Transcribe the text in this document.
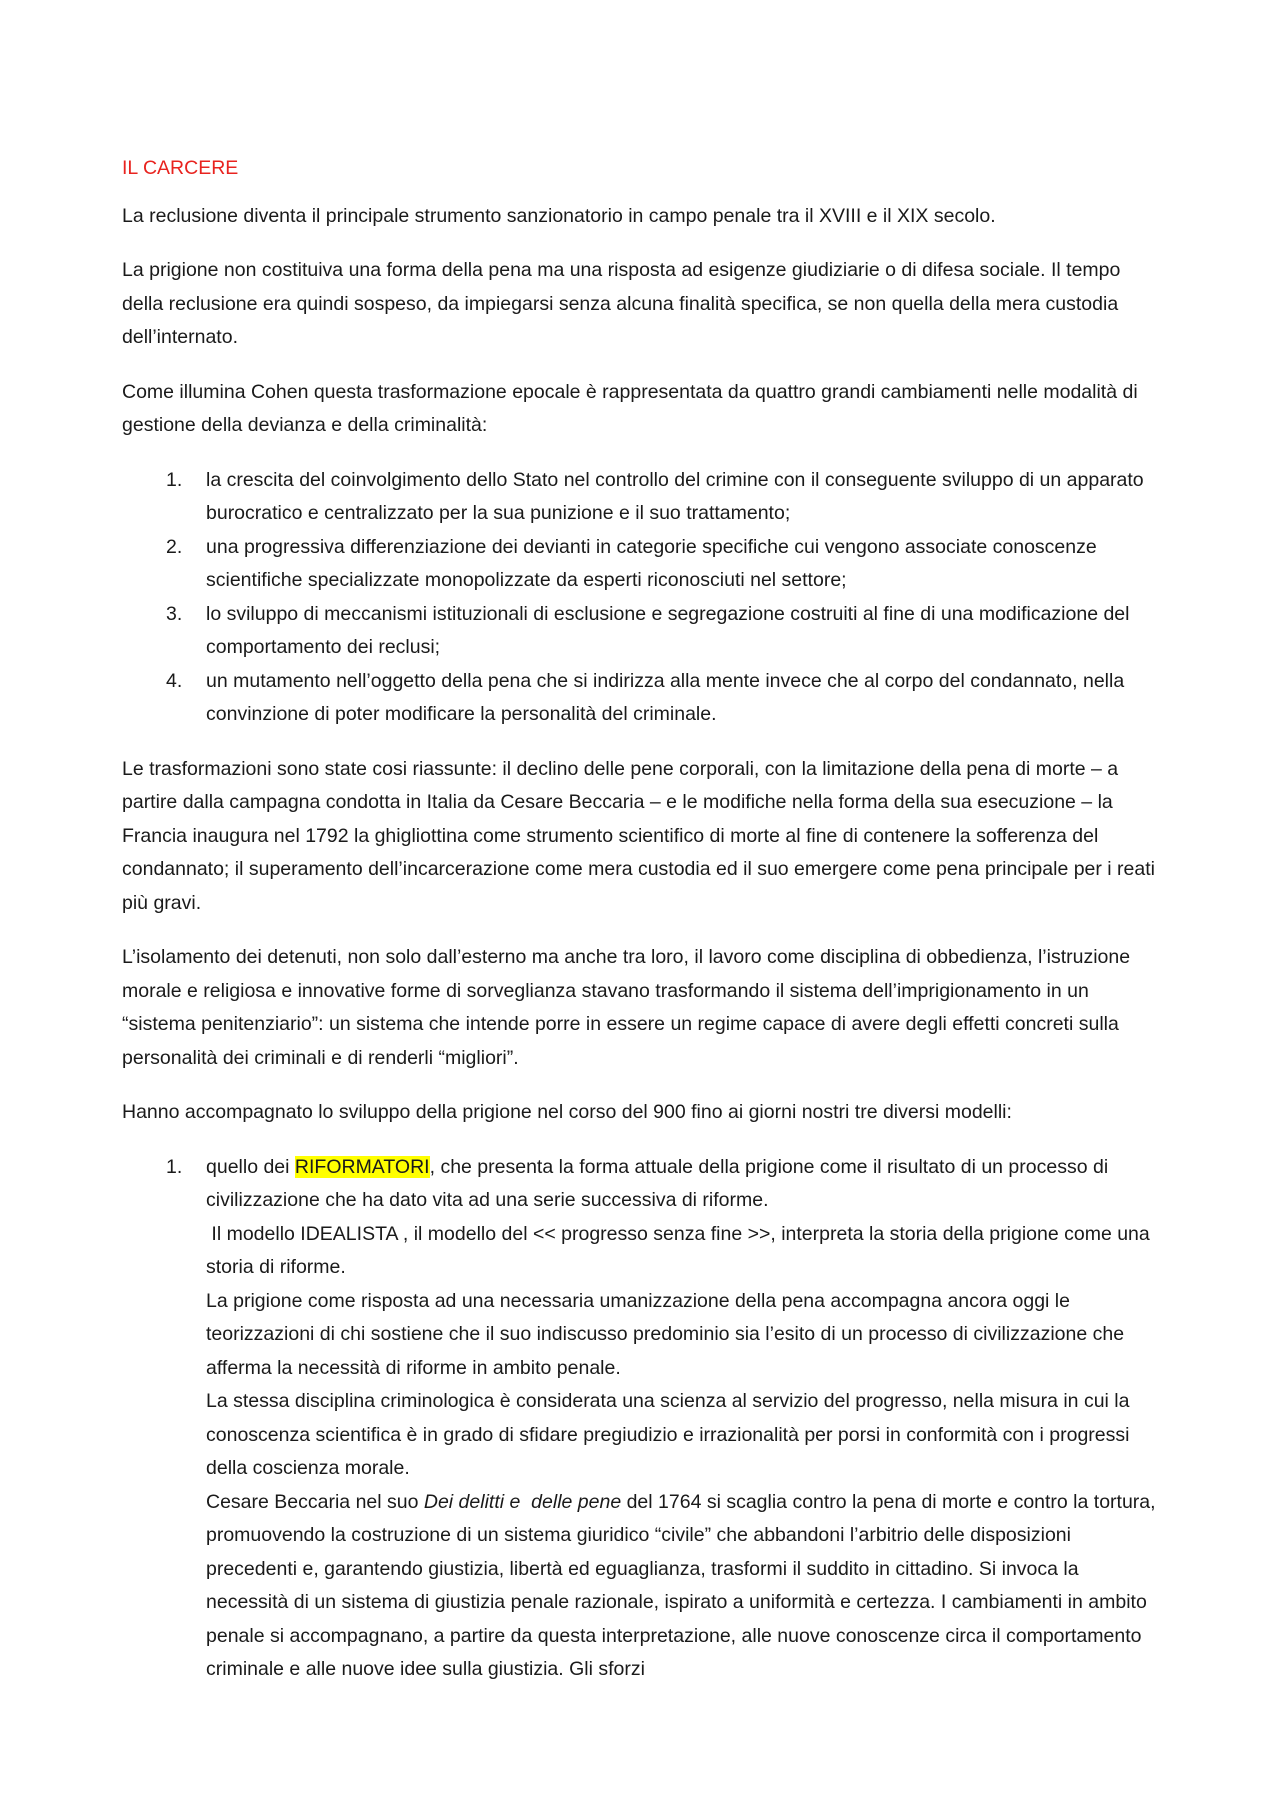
IL CARCERE

La reclusione diventa il principale strumento sanzionatorio in campo penale tra il XVIII e il XIX secolo.

La prigione non costituiva una forma della pena ma una risposta ad esigenze giudiziarie o di difesa sociale. Il tempo della reclusione era quindi sospeso, da impiegarsi senza alcuna finalità specifica, se non quella della mera custodia dell’internato.

Come illumina Cohen questa trasformazione epocale è rappresentata da quattro grandi cambiamenti nelle modalità di gestione della devianza e della criminalità:

1. la crescita del coinvolgimento dello Stato nel controllo del crimine con il conseguente sviluppo di un apparato burocratico e centralizzato per la sua punizione e il suo trattamento;
2. una progressiva differenziazione dei devianti in categorie specifiche cui vengono associate conoscenze scientifiche specializzate monopolizzate da esperti riconosciuti nel settore;
3. lo sviluppo di meccanismi istituzionali di esclusione e segregazione costruiti al fine di una modificazione del comportamento dei reclusi;
4. un mutamento nell’oggetto della pena che si indirizza alla mente invece che al corpo del condannato, nella convinzione di poter modificare la personalità del criminale.

Le trasformazioni sono state cosi riassunte: il declino delle pene corporali, con la limitazione della pena di morte – a partire dalla campagna condotta in Italia da Cesare Beccaria – e le modifiche nella forma della sua esecuzione – la Francia inaugura nel 1792 la ghigliottina come strumento scientifico di morte al fine di contenere la sofferenza del condannato; il superamento dell’incarcerazione come mera custodia ed il suo emergere come pena principale per i reati più gravi.

L’isolamento dei detenuti, non solo dall’esterno ma anche tra loro, il lavoro come disciplina di obbedienza, l’istruzione morale e religiosa e innovative forme di sorveglianza stavano trasformando il sistema dell’imprigionamento in un “sistema penitenziario”: un sistema che intende porre in essere un regime capace di avere degli effetti concreti sulla personalità dei criminali e di renderli “migliori”.

Hanno accompagnato lo sviluppo della prigione nel corso del 900 fino ai giorni nostri tre diversi modelli:

1. quello dei RIFORMATORI, che presenta la forma attuale della prigione come il risultato di un processo di civilizzazione che ha dato vita ad una serie successiva di riforme.
Il modello IDEALISTA , il modello del << progresso senza fine >>, interpreta la storia della prigione come una storia di riforme.
La prigione come risposta ad una necessaria umanizzazione della pena accompagna ancora oggi le teorizzazioni di chi sostiene che il suo indiscusso predominio sia l’esito di un processo di civilizzazione che afferma la necessità di riforme in ambito penale.
La stessa disciplina criminologica è considerata una scienza al servizio del progresso, nella misura in cui la conoscenza scientifica è in grado di sfidare pregiudizio e irrazionalità per porsi in conformità con i progressi della coscienza morale.
Cesare Beccaria nel suo Dei delitti e  delle pene del 1764 si scaglia contro la pena di morte e contro la tortura, promuovendo la costruzione di un sistema giuridico “civile” che abbandoni l’arbitrio delle disposizioni precedenti e, garantendo giustizia, libertà ed eguaglianza, trasformi il suddito in cittadino. Si invoca la necessità di un sistema di giustizia penale razionale, ispirato a uniformità e certezza. I cambiamenti in ambito penale si accompagnano, a partire da questa interpretazione, alle nuove conoscenze circa il comportamento criminale e alle nuove idee sulla giustizia. Gli sforzi
